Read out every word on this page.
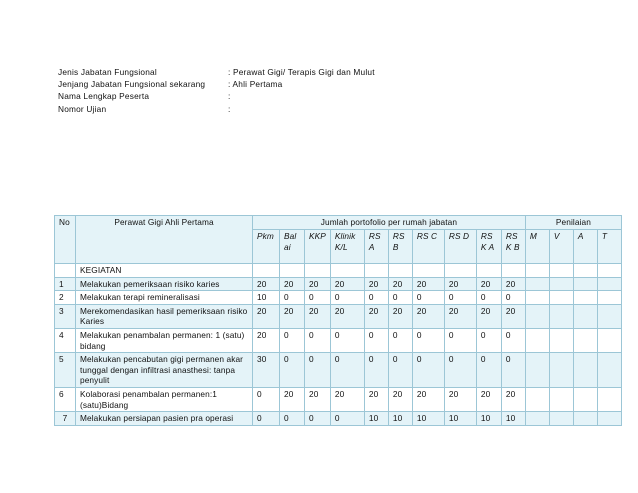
Jenis Jabatan Fungsional	: Perawat Gigi/ Terapis Gigi dan Mulut
Jenjang Jabatan Fungsional sekarang	: Ahli Pertama
Nama Lengkap Peserta	:
Nomor Ujian	:
No	Perawat Gigi Ahli Pertama	Jumlah portofolio per rumah jabatan										Penilaian			
		Pkm	Bal ai	KKP	Klinik K/L	RS A	RS B	RS C	RS D	RS K A	RS K B	M	V	A	T
	KEGIATAN														
1	Melakukan pemeriksaan risiko karies	20	20	20	20	20	20	20	20	20	20				
2	Melakukan terapi remineralisasi	10	0	0	0	0	0	0	0	0	0				
3	Merekomendasikan hasil pemeriksaan risiko Karies	20	20	20	20	20	20	20	20	20	20				
4	Melakukan penambalan permanen: 1 (satu) bidang	20	0	0	0	0	0	0	0	0	0				
5	Melakukan pencabutan gigi permanen akar tunggal dengan infiltrasi anasthesi: tanpa penyulit	30	0	0	0	0	0	0	0	0	0				
6	Kolaborasi penambalan permanen:1 (satu)Bidang	0	20	20	20	20	20	20	20	20	20				
7	Melakukan persiapan pasien pra operasi	0	0	0	0	10	10	10	10	10	10				
